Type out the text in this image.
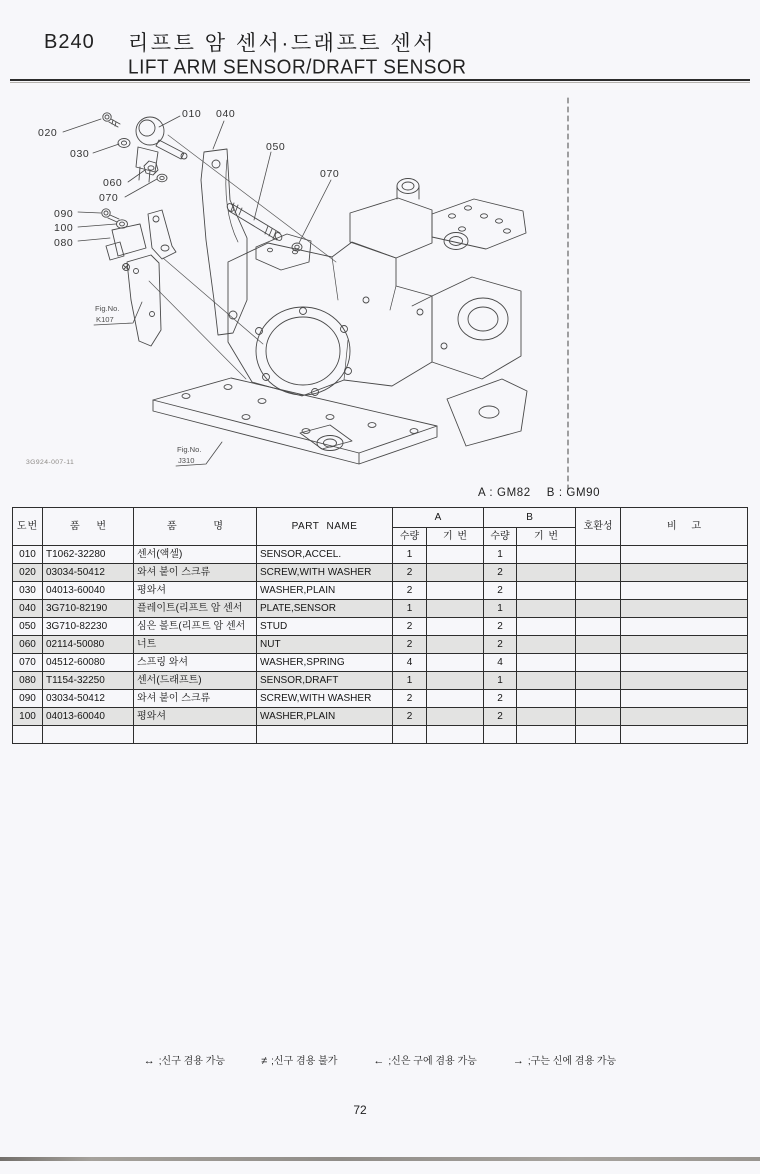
B240 리프트 암 센서·드래프트 센서
LIFT ARM SENSOR/DRAFT SENSOR
020
030
010 040
050
070
060
070
090
100
080
Fig.No.
K107
Fig.No.
J310
3G924-007-11
A : GM82 B : GM90
도번	품 번	품 명	PART NAME	A		B		호환성	비 고
				수량	기 번	수량	기 번		
010	T1062-32280	센서(액셀)	SENSOR,ACCEL.	1		1			
020	03034-50412	와셔 붙이 스크류	SCREW,WITH WASHER	2		2			
030	04013-60040	평와셔	WASHER,PLAIN	2		2			
040	3G710-82190	플레이트(리프트 암 센서	PLATE,SENSOR	1		1			
050	3G710-82230	심은 볼트(리프트 암 센서	STUD	2		2			
060	02114-50080	너트	NUT	2		2			
070	04512-60080	스프링 와셔	WASHER,SPRING	4		4			
080	T1154-32250	센서(드래프트)	SENSOR,DRAFT	1		1			
090	03034-50412	와셔 붙이 스크류	SCREW,WITH WASHER	2		2			
100	04013-60040	평와셔	WASHER,PLAIN	2		2			

↔ ;신구 겸용 가능	≠ ;신구 겸용 불가	← ;신은 구에 겸용 가능	→ ;구는 신에 겸용 가능
72
